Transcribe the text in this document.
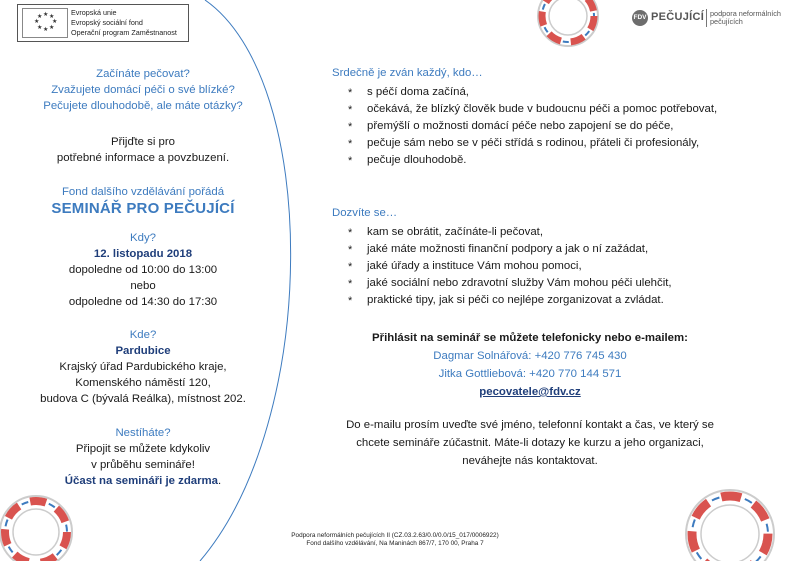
★ ★
★
★
★
★
★
★	Evropská unie
Evropský sociální fond
Operační program Zaměstnanost
FDV PEČUJÍCÍ podpora neformálních
pečujících
Začínáte pečovat?
Zvažujete domácí péči o své blízké?
Pečujete dlouhodobě, ale máte otázky?
Přijďte si pro
potřebné informace a povzbuzení.
Fond dalšího vzdělávání pořádá
SEMINÁŘ PRO PEČUJÍCÍ
Kdy?
12. listopadu 2018
dopoledne od 10:00 do 13:00
nebo
odpoledne od 14:30 do 17:30
Kde?
Pardubice
Krajský úřad Pardubického kraje,
Komenského náměstí 120,
budova C (bývalá Reálka), místnost 202.
Nestíháte?
Připojit se můžete kdykoliv
v průběhu semináře!
Účast na semináři je zdarma.
Srdečně je zván každý, kdo…
* s péčí doma začíná,
* očekává, že blízký člověk bude v budoucnu péči a pomoc potřebovat,
* přemýšlí o možnosti domácí péče nebo zapojení se do péče,
* pečuje sám nebo se v péči střídá s rodinou, přáteli či profesionály,
* pečuje dlouhodobě.
Dozvíte se…
* kam se obrátit, začínáte-li pečovat,
* jaké máte možnosti finanční podpory a jak o ní zažádat,
* jaké úřady a instituce Vám mohou pomoci,
* jaké sociální nebo zdravotní služby Vám mohou péči ulehčit,
* praktické tipy, jak si péči co nejlépe zorganizovat a zvládat.
Přihlásit na seminář se můžete telefonicky nebo e-mailem:
Dagmar Solnářová: +420 776 745 430
Jitka Gottliebová: +420 770 144 571
pecovatele@fdv.cz
Do e-mailu prosím uveďte své jméno, telefonní kontakt a čas, ve který se
chcete semináře zúčastnit. Máte-li dotazy ke kurzu a jeho organizaci,
neváhejte nás kontaktovat.
Podpora neformálních pečujících II (CZ.03.2.63/0.0/0.0/15_017/0006922)
Fond dalšího vzdělávání, Na Maninách 867/7, 170 00, Praha 7
